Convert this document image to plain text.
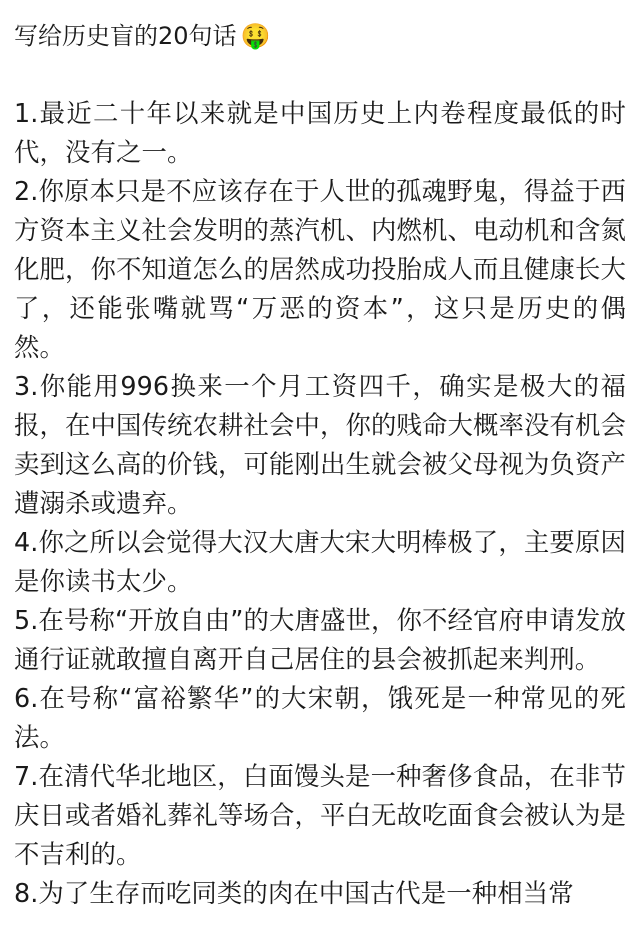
写给历史盲的20句话 🤑

1.最近二十年以来就是中国历史上内卷程度最低的时代，没有之一。

2.你原本只是不应该存在于人世的孤魂野鬼，得益于西方资本主义社会发明的蒸汽机、内燃机、电动机和含氮化肥，你不知道怎么的居然成功投胎成人而且健康长大了，还能张嘴就骂“万恶的资本”，这只是历史的偶然。

3.你能用996换来一个月工资四千，确实是极大的福报，在中国传统农耕社会中，你的贱命大概率没有机会卖到这么高的价钱，可能刚出生就会被父母视为负资产遭溺杀或遗弃。

4.你之所以会觉得大汉大唐大宋大明棒极了，主要原因是你读书太少。

5.在号称“开放自由”的大唐盛世，你不经官府申请发放通行证就敢擅自离开自己居住的县会被抓起来判刑。

6.在号称“富裕繁华”的大宋朝，饿死是一种常见的死法。

7.在清代华北地区，白面馒头是一种奢侈食品，在非节庆日或者婚礼葬礼等场合，平白无故吃面食会被认为是不吉利的。

8.为了生存而吃同类的肉在中国古代是一种相当常
